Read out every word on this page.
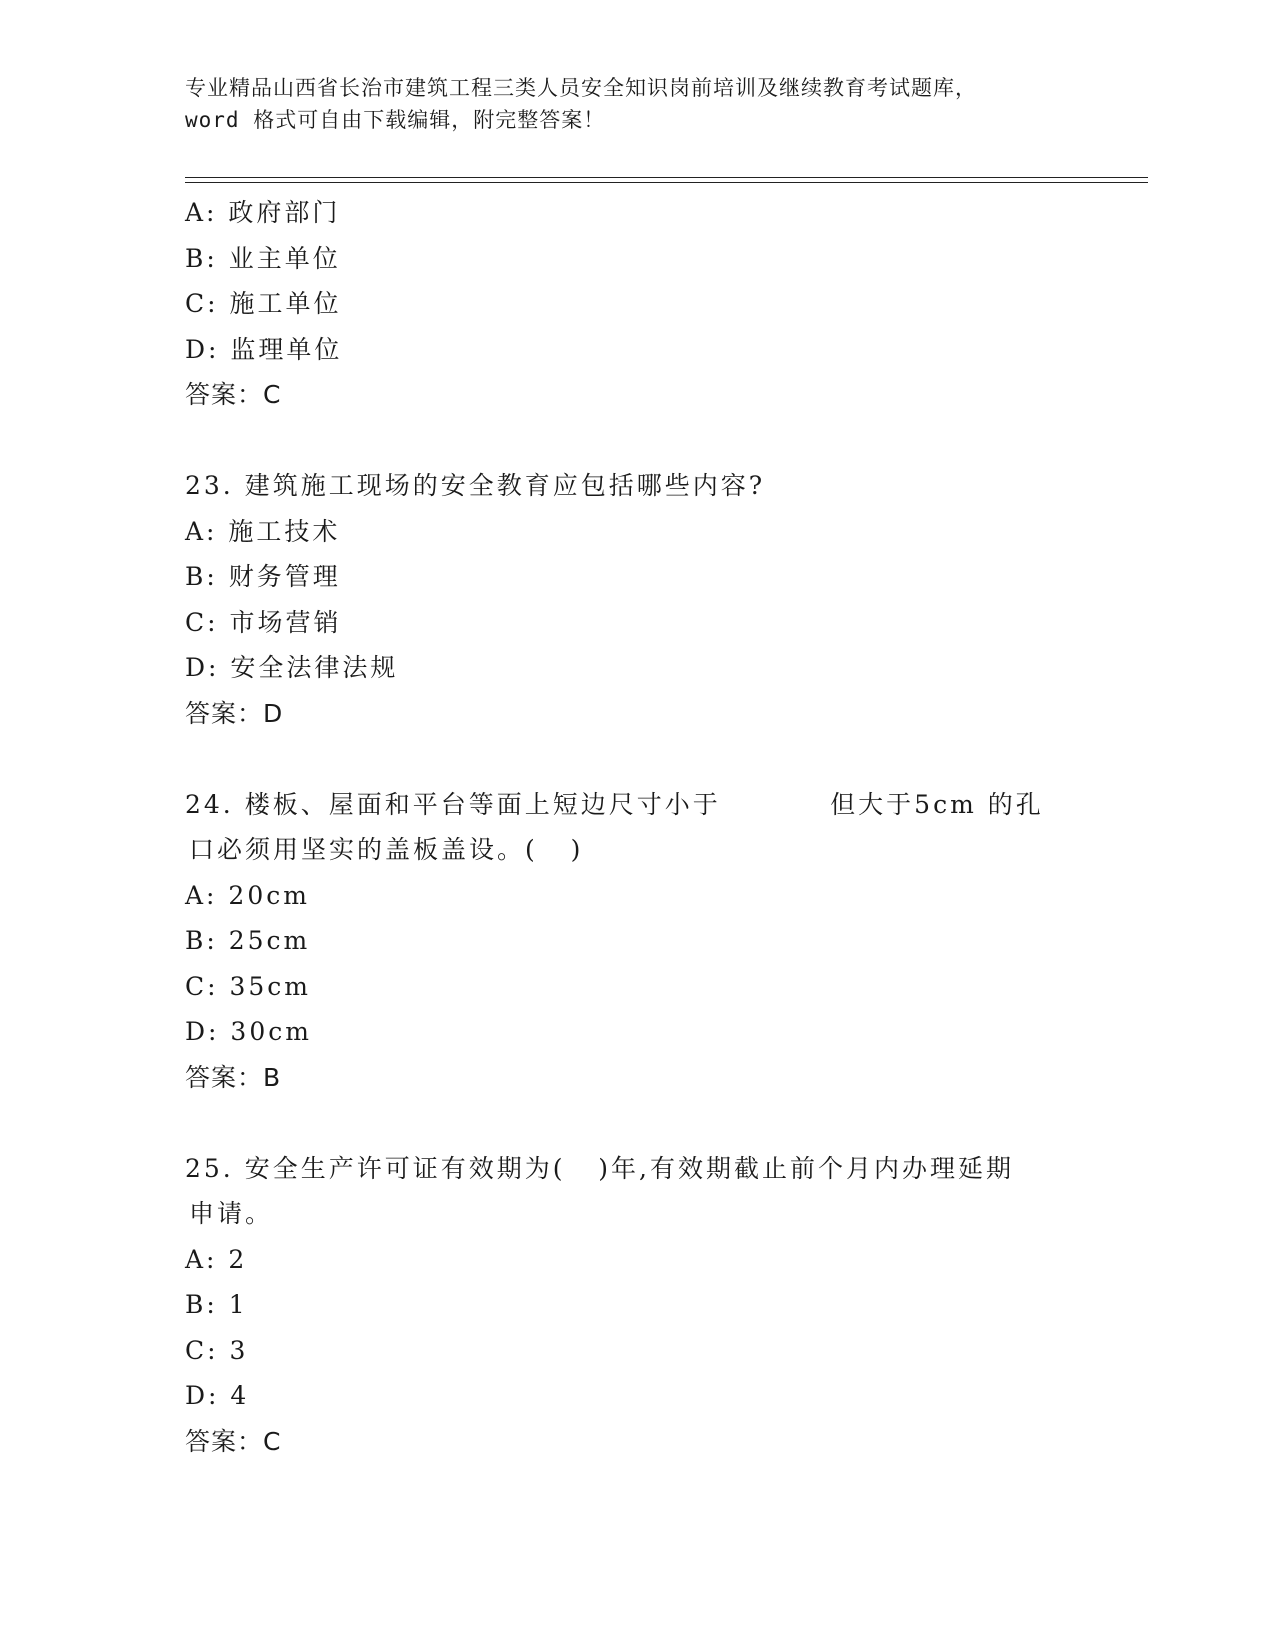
专业精品山西省长治市建筑工程三类人员安全知识岗前培训及继续教育考试题库，
word 格式可自由下载编辑，附完整答案！
A: 政府部门
B: 业主单位
C: 施工单位
D: 监理单位
答案：C
23. 建筑施工现场的安全教育应包括哪些内容?
A: 施工技术
B: 财务管理
C: 市场营销
D: 安全法律法规
答案：D
24. 楼板、屋面和平台等面上短边尺寸小于          但大于5cm 的孔
口必须用坚实的盖板盖设。(   )
A: 20cm
B: 25cm
C: 35cm
D: 30cm
答案：B
25. 安全生产许可证有效期为(   )年,有效期截止前个月内办理延期
申请。
A: 2
B: 1
C: 3
D: 4
答案：C
